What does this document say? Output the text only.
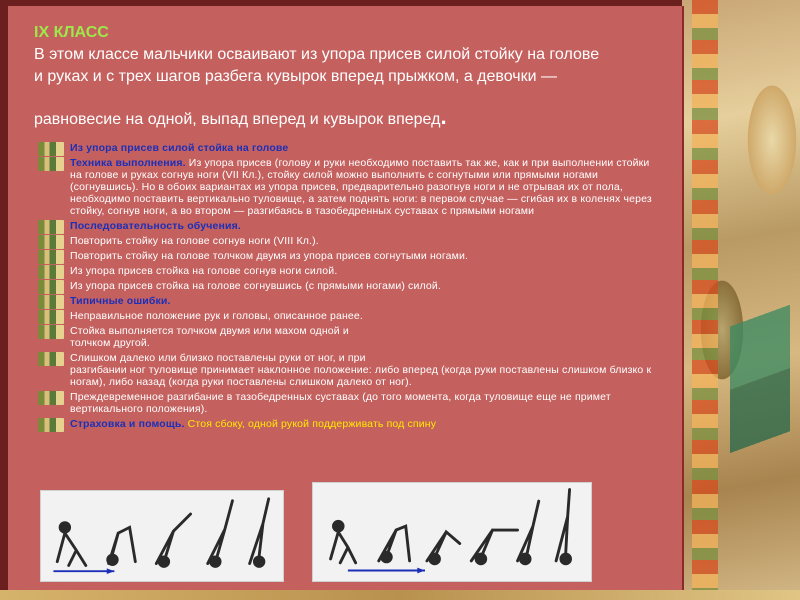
IX КЛАСС
В этом классе мальчики осваивают из упора присев силой стойку на голове
и руках и с трех шагов разбега кувырок вперед прыжком, а девочки —
равновесие на одной, выпад вперед и кувырок вперед.
Из упора присев силой стойка на голове
Техника выполнения. Из упора присев (голову и руки необходимо поставить так же, как и при выполнении стойки на голове и руках согнув ноги (VII Кл.), стойку силой можно выполнить с согнутыми или прямыми ногами (согнувшись). Но в обоих вариантах из упора присев, предварительно разогнув ноги и не отрывая их от пола, необходимо поставить вертикально туловище, а затем поднять ноги: в первом случае — сгибая их в коленях через стойку, согнув ноги, а во втором — разгибаясь в тазобедренных суставах с прямыми ногами
Последовательность обучения.
Повторить стойку на голове согнув ноги (VIII Кл.).
Повторить стойку на голове толчком двумя из упора присев согнутыми ногами.
Из упора присев стойка на голове согнув ноги силой.
Из упора присев стойка на голове согнувшись (с прямыми ногами) силой.
Типичные ошибки.
Неправильное положение рук и головы, описанное ранее.
Стойка выполняется толчком двумя или махом одной и
толчком другой.
Слишком далеко или близко поставлены руки от ног, и при
разгибании ног туловище принимает наклонное положение: либо вперед (когда руки поставлены слишком близко к ногам), либо назад (когда руки поставлены слишком далеко от ног).
Преждевременное разгибание в тазобедренных суставах (до того момента, когда туловище еще не примет вертикального положения).
Страховка и помощь. Стоя сбоку, одной рукой поддерживать под спину
